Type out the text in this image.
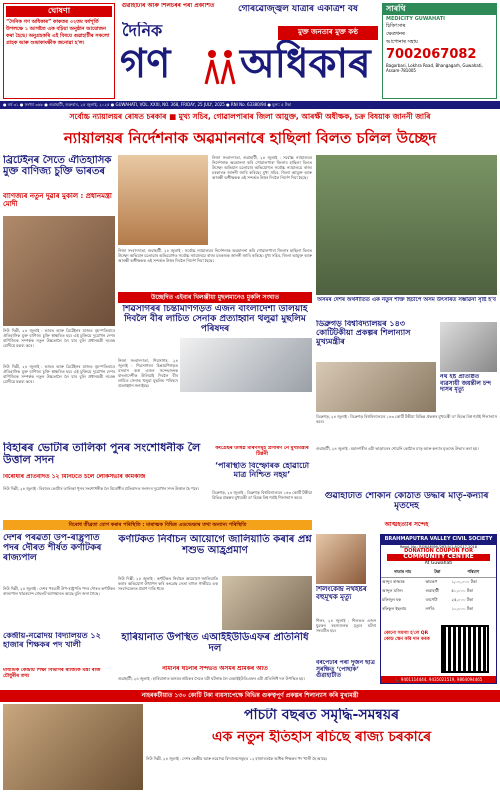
ঘোষণা
“দৈনিক গণ অধিকাৰ” কাকতৰ ৩২তম বৰ্ষপূৰ্তি উপলক্ষে ১ আগষ্টত এক বঢ়িয়া অনুষ্ঠান আয়োজন কৰা হৈছে। অনুগ্ৰহকৰি এই বিষয়ে গুৱাহাটীৰ সকলো গ্ৰাহক আৰু শুভাকাংক্ষীক জনোৱা হ'ল।
গুৱাহাটীৰ আৰু শিলচৰৰ পৰা প্ৰকাশিত	গৌৰৱোজ্জ্বল যাত্ৰাৰ একত্ৰিশ বৰ্ষ
দৈনিক	মুক্ত জনতাৰ মুক্ত কণ্ঠ
গণ অধিকাৰ
সাৰথি
MEDICITY GUWAHATI
চিকিৎসাৰ
ক্ষেত্ৰখনৰ
আপোনাৰ সহায়
7002067082
Bagorbari, Lokhra Road, Bhangagarh, Guwahati, Assam-781005
● বৰ্ষ ৩১ ● সংখ্যা ৩৬৮ ● গুৱাহাটী, শুক্ৰবাৰ, ২৫ জুলাই, ২০২৫ ● GUWAHATI, VOL. XXXI, NO. 368, FRIDAY, 25 JULY, 2025 ● RNI No. 63380/94 ● মূল্য: ৫ টকা
সৰ্বোচ্চ ন্যায়ালয়ৰ ৰোষত চৰকাৰ ■ মুখ্য সচিব, গোৱালপাৰাৰ জিলা আয়ুক্ত, আৰক্ষী অধীক্ষক, চক্ৰ বিষয়াক জাননী জাৰি
ন্যায়ালয়ৰ নিৰ্দেশনাক অৱমাননাৰে হাছিলা বিলত চলিল উচ্ছেদ
ব্ৰিটেইনৰ সৈতে ঐতিহাসিক মুক্ত বাণিজ্য চুক্তি ভাৰতৰ
বাণিজ্যৰ নতুন দুৱাৰ মুকলি : প্ৰধানমন্ত্ৰী মোদী
নিউ দিল্লী, ২৪ জুলাই : ভাৰত আৰু ব্ৰিটেইনৰ মাজত বৃহস্পতিবাৰে ঐতিহাসিক মুক্ত বাণিজ্য চুক্তি স্বাক্ষৰিত হয়। এই চুক্তিয়ে দুয়োখন দেশৰ বাণিজ্যিক সম্পৰ্কক নতুন উচ্চতালৈ লৈ যাব বুলি প্ৰধানমন্ত্ৰী নৰেন্দ্ৰ মোদীয়ে মন্তব্য কৰে।
নিজা সংবাদদাতা, গুৱাহাটী, ২৪ জুলাই : সৰ্বোচ্চ ন্যায়ালয়ৰ নিৰ্দেশনাক অৱমাননা কৰি গোৱালপাৰা জিলাৰ হাছিলা বিলত উচ্ছেদ অভিযান চলোৱাৰ অভিযোগত সৰ্বোচ্চ ন্যায়ালয়ে ৰাজ্য চৰকাৰক জাননী জাৰি কৰিছে। মুখ্য সচিব, জিলা আয়ুক্ত আৰু আৰক্ষী অধীক্ষকক এই সন্দৰ্ভত উত্তৰ দিবলৈ নিৰ্দেশ দিয়া হৈছে।
নিজা সংবাদদাতা, গুৱাহাটী, ২৪ জুলাই : সৰ্বোচ্চ ন্যায়ালয়ৰ নিৰ্দেশনাক অৱমাননা কৰি গোৱালপাৰা জিলাৰ হাছিলা বিলত উচ্ছেদ অভিযান চলোৱাৰ অভিযোগত সৰ্বোচ্চ ন্যায়ালয়ে ৰাজ্য চৰকাৰক জাননী জাৰি কৰিছে। মুখ্য সচিব, জিলা আয়ুক্ত আৰু আৰক্ষী অধীক্ষকক এই সন্দৰ্ভত উত্তৰ দিবলৈ নিৰ্দেশ দিয়া হৈছে।
অসমৰ দেশৰ অৰ্থনীতিত এক নতুন শক্তি হিচাপে অসম উৎসৰিত সম্ভাৱনা সৃষ্টি হ'ব
উচ্ছেদিত এইবাৰ খিলঞ্জীয়া মুছলমানেও মুকলি সংঘাত
শিৱসাগৰৰ চিন্তামণিগড়ত এজন বাংলাদেশী উলিয়াই দিবলৈ বীৰ লাচিত সেনাক প্ৰত্যাহ্বান থলুৱা মুছলিম পৰিষদৰ
নিজা সংবাদদাতা, শিৱসাগৰ, ২৪ জুলাই : শিৱসাগৰৰ চিন্তামণিগড়ত বসবাস কৰা এজন সন্দেহজনক বাংলাদেশীক উলিয়াই দিবলৈ বীৰ লাচিত সেনাক থলুৱা মুছলিম পৰিষদে প্ৰত্যাহ্বান জনাইছে।
ডিব্ৰুগড় বিশ্ববিদ্যালয়ৰ ১৪৩ কোটিটকীয়া প্ৰকল্পৰ শিলান্যাস মুখ্যমন্ত্ৰীৰ
ডিব্ৰুগড়, ২৪ জুলাই : ডিব্ৰুগড় বিশ্ববিদ্যালয়ৰ ১৪৩ কোটি টকীয়া বিভিন্ন প্ৰকল্পৰ মুখ্যমন্ত্ৰী ড° হিমন্ত বিশ্ব শৰ্মাই শিলান্যাস কৰে।
নৰ্থ ইষ্ট প্ৰতিষ্ঠিত ব্যৱসায়ী জয়ন্তীল চন্দ দাসৰ মৃত্যু
নিউ দিল্লী, ২৪ জুলাই : ভাৰত আৰু ব্ৰিটেইনৰ মাজত বৃহস্পতিবাৰে ঐতিহাসিক মুক্ত বাণিজ্য চুক্তি স্বাক্ষৰিত হয়। এই চুক্তিয়ে দুয়োখন দেশৰ বাণিজ্যিক সম্পৰ্কক নতুন উচ্চতালৈ লৈ যাব বুলি প্ৰধানমন্ত্ৰী নৰেন্দ্ৰ মোদীয়ে মন্তব্য কৰে।
বিহাৰৰ ভোটাৰ তালিকা পুনৰ সংশোধনীক লৈ উত্তাল সদন
বিৰোধীৰ প্ৰতিবাদত ১২ মিনিটতে চলে লোকসভাৰ কামকাজ
নিউ দিল্লী, ২৪ জুলাই : বিহাৰৰ ভোটাৰ তালিকা পুনৰ সংশোধনীক লৈ বিৰোধীৰ প্ৰতিবাদত সংসদৰ দুয়োখন সদন উত্তাল হৈ পৰে।
কংগ্ৰেছৰ উদ্বিগ্ন মাৰণসমূহ প্ৰসাৰণ নৈ মুখ্যমন্ত্ৰীৰ টিপ্পনী
‘পৰিস্থিতি বিস্ফোৰক হোৱাটো মাত্ৰ নিশ্চিত নহয়’
ডিব্ৰুগড়, ২৪ জুলাই : ডিব্ৰুগড় বিশ্ববিদ্যালয়ৰ ১৪৩ কোটি টকীয়া বিভিন্ন প্ৰকল্পৰ মুখ্যমন্ত্ৰী ড° হিমন্ত বিশ্ব শৰ্মাই শিলান্যাস কৰে।
গুৱাহাটী, ২৪ জুলাই : মহানগৰীৰ এটা ভাড়াঘৰৰ শোৱনি কোঠাত মাতৃ আৰু কন্যাৰ মৃতদেহ উদ্ধাৰ কৰা হয়।
গুৱাহাটীত শোকনি কোঠাত উদ্ধাৰ মাতৃ-কন্যাৰ মৃতদেহ
আত্মহত্যাৰ সন্দেহ
বিৰোধ তীব্ৰতা যোগ কৰাৰ পৰিস্থিতি : মাৰাত্মক বিভিন্ন এডভেঞ্চাৰ তথা অন্যান্য পৰিস্থিতি
দেশৰ পৰৱৰ্তী উপ-ৰাষ্ট্ৰপতি পদৰ দৌৰত শীৰ্ষত কৰ্ণাটকৰ ৰাজ্যপাল
নিউ দিল্লী, ২৪ জুলাই : দেশৰ পৰৱৰ্তী উপ-ৰাষ্ট্ৰপতি পদৰ দৌৰত কৰ্ণাটকৰ ৰাজ্যপাল থাৱৰচান্দ গেহলট আগস্থানত আছে বুলি জনা গৈছে।
কৰ্ণাটকত নিৰ্বাচন আয়োগে জালিয়াতি কৰাৰ প্ৰশ্ন শশুভ আহ্ৰপ্ৰমাণ
নিউ দিল্লী, ২৪ জুলাই : কৰ্ণাটকত নিৰ্বাচন আয়োগে জালিয়াতি কৰাৰ অভিযোগ উত্থাপন কৰি কংগ্ৰেছ নেতা ৰাহুল গান্ধীয়ে এক সংবাদমেলত প্ৰমাণ দাঙি ধৰে।	শিলংকেন্দ্ৰ নৰ্থইষ্টৰ বহুমূখক মৃত্যু
শিলং, ২৪ জুলাই : শিলঙত এজন যুৱকৰ ৰহস্যজনক মৃত্যুৰ ঘটনা সংঘটিত হয়।
BRAHMAPUTRA VALLEY CIVIL SOCIETY
Regd. No.: RS/KAM(M)/263/A/1-8/2017-2018
DONATION COUPON FOR
COMMUNITY CENTRE
At Guwahati
দাতাৰ নাম	টকা	পৰিমাণ
আব্দুৰ ৰাজ্জাক	কামৰূপ	১,০০,০০০ টকা
আব্দুল মজিদ	গুৱাহাটী	৫০,০০০ টকা
মফিজুল হক	বৰপেটা	২৫,০০০ টকা
ৰফিকুল ইছলাম	নগাঁও	১০,০০০ টকা
কোনো সমস্যা হ'লে QR কোড স্কেন কৰি দান কৰক
📞 9401114444, 9435021519, 9864094465
কেন্দ্ৰীয়-নৱোদয় বিদ্যালয়ত ১২ হাজাৰ শিক্ষকৰ পদ খালী
মাধ্যমিক কেন্দ্ৰীয় শিক্ষা বিভাগৰ ৰাজ্যিক মন্ত্ৰী ৰাজ চৌধুৰীৰ তথ্য
হাৰিয়ানাত উপস্থিত এআইইউডিএফৰ প্ৰতিনিধি দল
নামনিৰ ঘটনাৰ সন্দৰ্ভত অসমৰ শ্ৰমিকৰ আৰ্ত
গুৱাহাটী, ২৪ জুলাই : হাৰিয়ানাত অসমৰ শ্ৰমিকৰ সৈতে ঘটা ঘটনাক লৈ এআইইউডিএফৰ এটা প্ৰতিনিধি দল উপস্থিত হয়।
বৰপেটাৰ পৰা দুজন ছাত্ৰ সুৰক্ষিত ‘পোছাক’ গুৱাহাটীত
নাহৰকটীয়াত ১৩০ কোটি টকা ব্যয়সাপেক্ষে বিভিন্ন গুৰুত্বপূৰ্ণ প্ৰকল্পৰ শিলান্যাস কৰি মুখ্যমন্ত্ৰী
পাঁচটা বছৰত সমৃদ্ধি-সমন্বয়ৰ
এক নতুন ইতিহাস ৰচিছে ৰাজ্য চৰকাৰে
নিউ দিল্লী, ২৪ জুলাই : দেশৰ কেন্দ্ৰীয় আৰু নৱোদয় বিদ্যালয়সমূহত ১২ হাজাৰতকৈ অধিক শিক্ষকৰ পদ খালী হৈ আছে।
